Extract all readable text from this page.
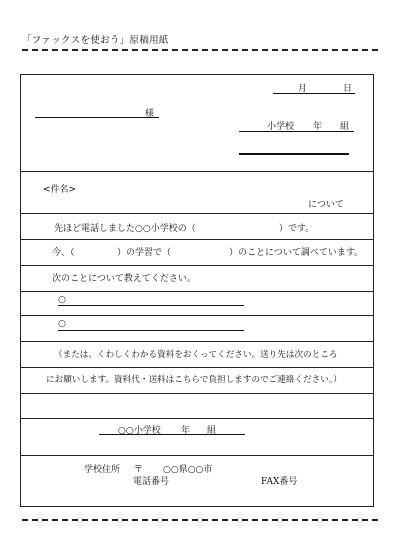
「ファックスを使おう」原稿用紙
月	日
様
小学校 年 組
<件名>
について
先ほど電話しました○○小学校の（	）です。
今、（	）の学習で（	）のことについて調べています。
次のことについて教えてください。
○
○
（または、くわしくわかる資料をおくってください。送り先は次のところ
にお願いします。資料代・送料はこちらで負担しますのでご連絡ください。）
○○小学校 年 組
学校住所 〒 ○○県○○市
電話番号	FAX番号
